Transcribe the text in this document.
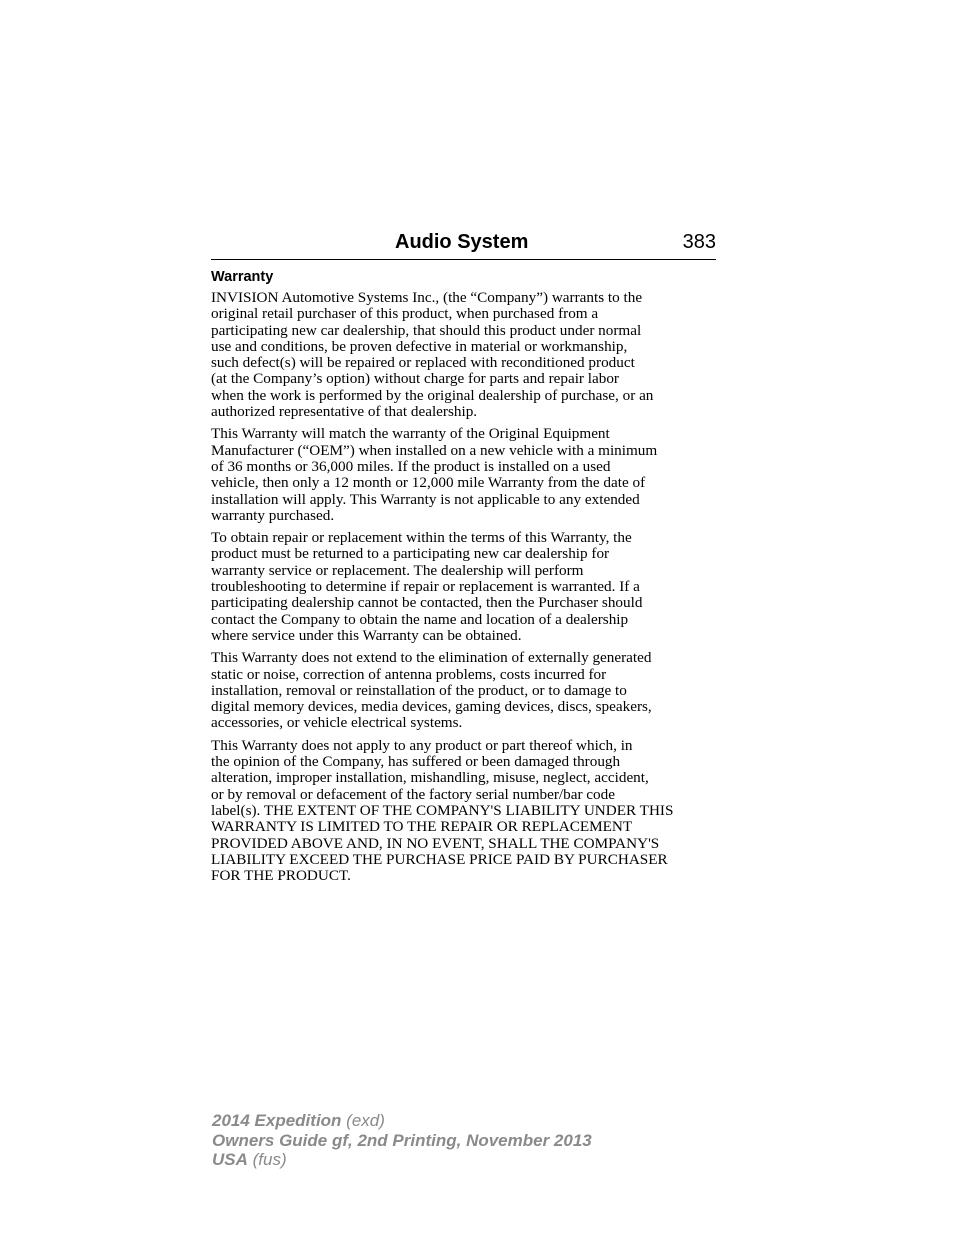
Audio System	383
Warranty

INVISION Automotive Systems Inc., (the “Company”) warrants to the
original retail purchaser of this product, when purchased from a
participating new car dealership, that should this product under normal
use and conditions, be proven defective in material or workmanship,
such defect(s) will be repaired or replaced with reconditioned product
(at the Company’s option) without charge for parts and repair labor
when the work is performed by the original dealership of purchase, or an
authorized representative of that dealership.

This Warranty will match the warranty of the Original Equipment
Manufacturer (“OEM”) when installed on a new vehicle with a minimum
of 36 months or 36,000 miles. If the product is installed on a used
vehicle, then only a 12 month or 12,000 mile Warranty from the date of
installation will apply. This Warranty is not applicable to any extended
warranty purchased.

To obtain repair or replacement within the terms of this Warranty, the
product must be returned to a participating new car dealership for
warranty service or replacement. The dealership will perform
troubleshooting to determine if repair or replacement is warranted. If a
participating dealership cannot be contacted, then the Purchaser should
contact the Company to obtain the name and location of a dealership
where service under this Warranty can be obtained.

This Warranty does not extend to the elimination of externally generated
static or noise, correction of antenna problems, costs incurred for
installation, removal or reinstallation of the product, or to damage to
digital memory devices, media devices, gaming devices, discs, speakers,
accessories, or vehicle electrical systems.

This Warranty does not apply to any product or part thereof which, in
the opinion of the Company, has suffered or been damaged through
alteration, improper installation, mishandling, misuse, neglect, accident,
or by removal or defacement of the factory serial number/bar code
label(s). THE EXTENT OF THE COMPANY'S LIABILITY UNDER THIS
WARRANTY IS LIMITED TO THE REPAIR OR REPLACEMENT
PROVIDED ABOVE AND, IN NO EVENT, SHALL THE COMPANY'S
LIABILITY EXCEED THE PURCHASE PRICE PAID BY PURCHASER
FOR THE PRODUCT.

2014 Expedition (exd)
Owners Guide gf, 2nd Printing, November 2013
USA (fus)
